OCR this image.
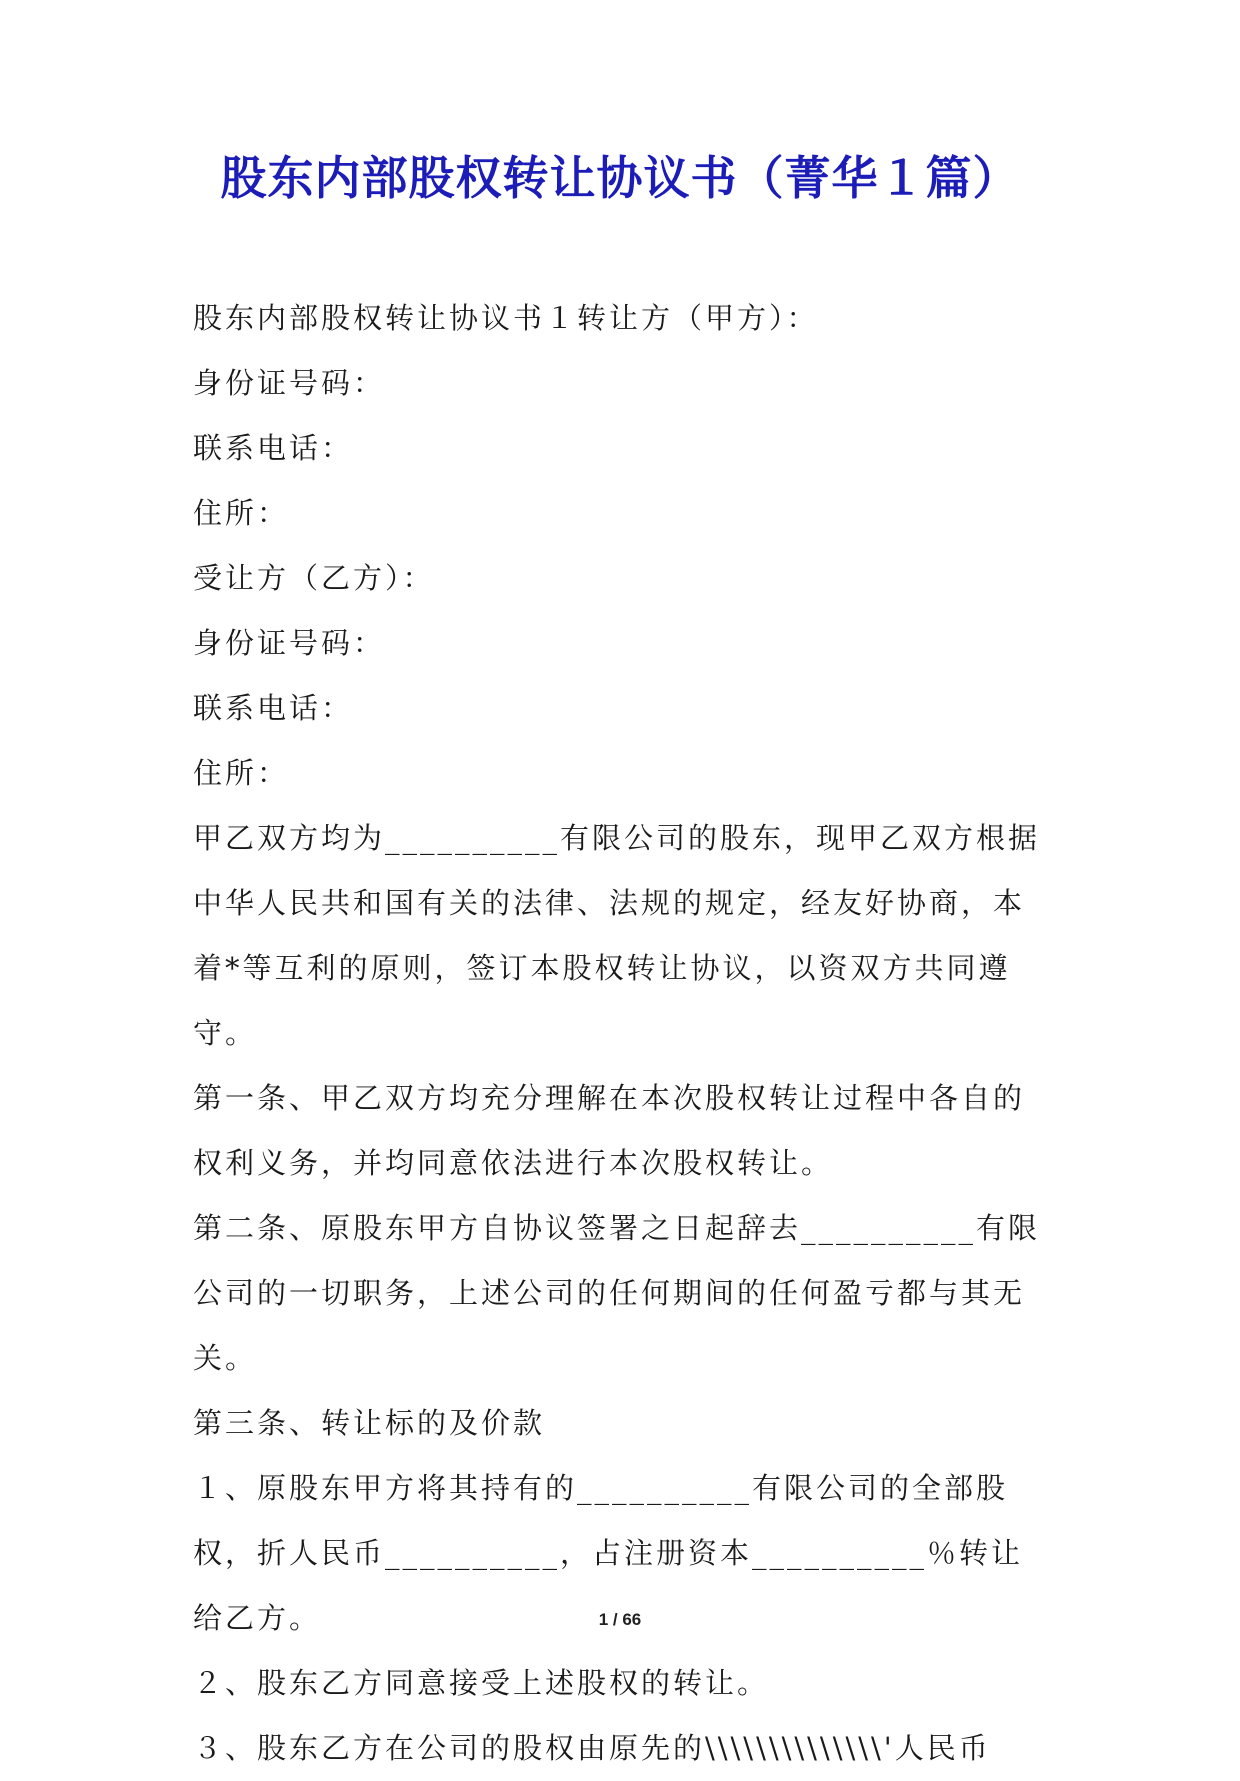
股东内部股权转让协议书（菁华１篇）

股东内部股权转让协议书１转让方（甲方）：

身份证号码：

联系电话：

住所：

受让方（乙方）：

身份证号码：

联系电话：

住所：

甲乙双方均为__________有限公司的股东，现甲乙双方根据中华人民共和国有关的法律、法规的规定，经友好协商，本着*等互利的原则，签订本股权转让协议，以资双方共同遵守。

第一条、甲乙双方均充分理解在本次股权转让过程中各自的权利义务，并均同意依法进行本次股权转让。

第二条、原股东甲方自协议签署之日起辞去__________有限公司的一切职务，上述公司的任何期间的任何盈亏都与其无关。

第三条、转让标的及价款

１、原股东甲方将其持有的__________有限公司的全部股权，折人民币__________，占注册资本__________％转让给乙方。

２、股东乙方同意接受上述股权的转让。

３、股东乙方在公司的股权由原先的\\\\\\\\\\\\\\'人民币

1 / 66
